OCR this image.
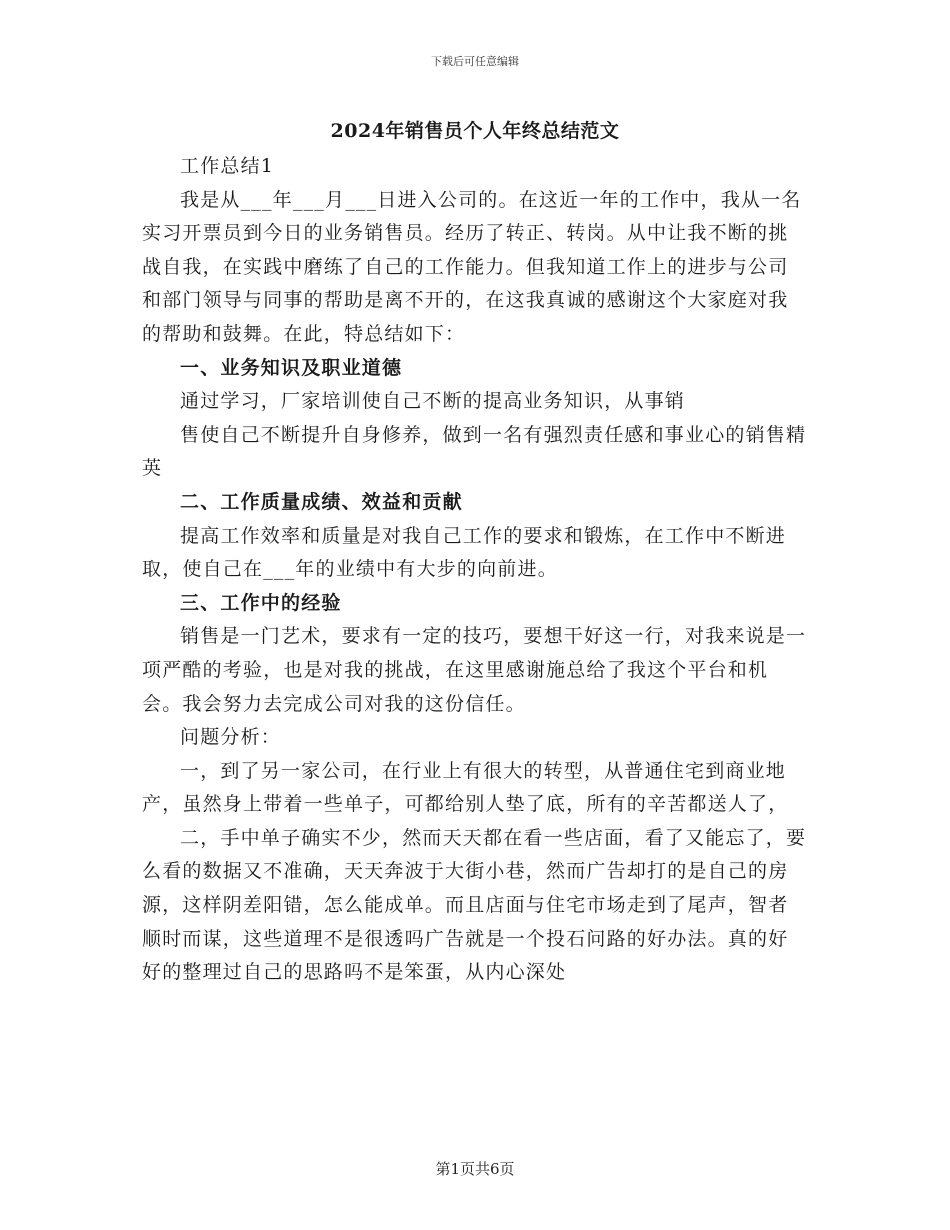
下载后可任意编辑
2024年销售员个人年终总结范文

工作总结1

我是从___年___月___日进入公司的。在这近一年的工作中，我从一名实习开票员到今日的业务销售员。经历了转正、转岗。从中让我不断的挑战自我，在实践中磨练了自己的工作能力。但我知道工作上的进步与公司和部门领导与同事的帮助是离不开的，在这我真诚的感谢这个大家庭对我的帮助和鼓舞。在此，特总结如下：

一、业务知识及职业道德

通过学习，厂家培训使自己不断的提高业务知识，从事销

售使自己不断提升自身修养，做到一名有强烈责任感和事业心的销售精英

二、工作质量成绩、效益和贡献

提高工作效率和质量是对我自己工作的要求和锻炼，在工作中不断进取，使自己在___年的业绩中有大步的向前进。

三、工作中的经验

销售是一门艺术，要求有一定的技巧，要想干好这一行，对我来说是一项严酷的考验，也是对我的挑战，在这里感谢施总给了我这个平台和机会。我会努力去完成公司对我的这份信任。

问题分析：

一，到了另一家公司，在行业上有很大的转型，从普通住宅到商业地产，虽然身上带着一些单子，可都给别人垫了底，所有的辛苦都送人了，

二，手中单子确实不少，然而天天都在看一些店面，看了又能忘了，要么看的数据又不准确，天天奔波于大街小巷，然而广告却打的是自己的房源，这样阴差阳错，怎么能成单。而且店面与住宅市场走到了尾声，智者顺时而谋，这些道理不是很透吗广告就是一个投石问路的好办法。真的好好的整理过自己的思路吗不是笨蛋，从内心深处

第1页共6页
